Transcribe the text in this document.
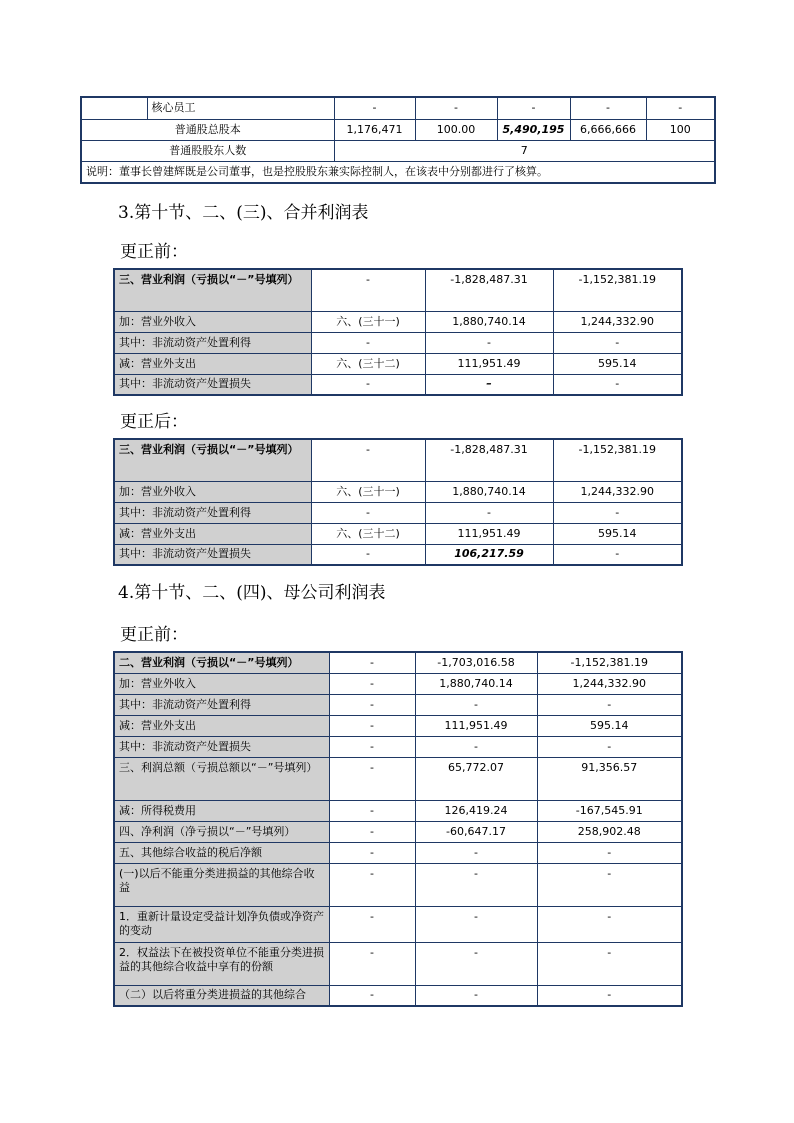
	核心员工	-	-	-	-	-
普通股总股本		1,176,471	100.00	5,490,195	6,666,666	100
普通股股东人数		7				
说明：董事长曾建辉既是公司董事，也是控股股东兼实际控制人，在该表中分别都进行了核算。						

3.第十节、二、(三)、合并利润表

更正前：

三、营业利润（亏损以“－”号填列）	-	-1,828,487.31	-1,152,381.19
加：营业外收入	六、(三十一)	1,880,740.14	1,244,332.90
其中：非流动资产处置利得	-	-	-
减：营业外支出	六、(三十二)	111,951.49	595.14
其中：非流动资产处置损失	-	–	-

更正后：

三、营业利润（亏损以“－”号填列）	-	-1,828,487.31	-1,152,381.19
加：营业外收入	六、(三十一)	1,880,740.14	1,244,332.90
其中：非流动资产处置利得	-	-	-
减：营业外支出	六、(三十二)	111,951.49	595.14
其中：非流动资产处置损失	-	106,217.59	-

4.第十节、二、(四)、母公司利润表

更正前：

二、营业利润（亏损以“－”号填列）	-	-1,703,016.58	-1,152,381.19
加：营业外收入	-	1,880,740.14	1,244,332.90
其中：非流动资产处置利得	-	-	-
减：营业外支出	-	111,951.49	595.14
其中：非流动资产处置损失	-	-	-
三、利润总额（亏损总额以“－”号填列）	-	65,772.07	91,356.57
减：所得税费用	-	126,419.24	-167,545.91
四、净利润（净亏损以“－”号填列）	-	-60,647.17	258,902.48
五、其他综合收益的税后净额	-	-	-
(一)以后不能重分类进损益的其他综合收益	-	-	-
1．重新计量设定受益计划净负债或净资产的变动	-	-	-
2．权益法下在被投资单位不能重分类进损益的其他综合收益中享有的份额	-	-	-
（二）以后将重分类进损益的其他综合	-	-	-
